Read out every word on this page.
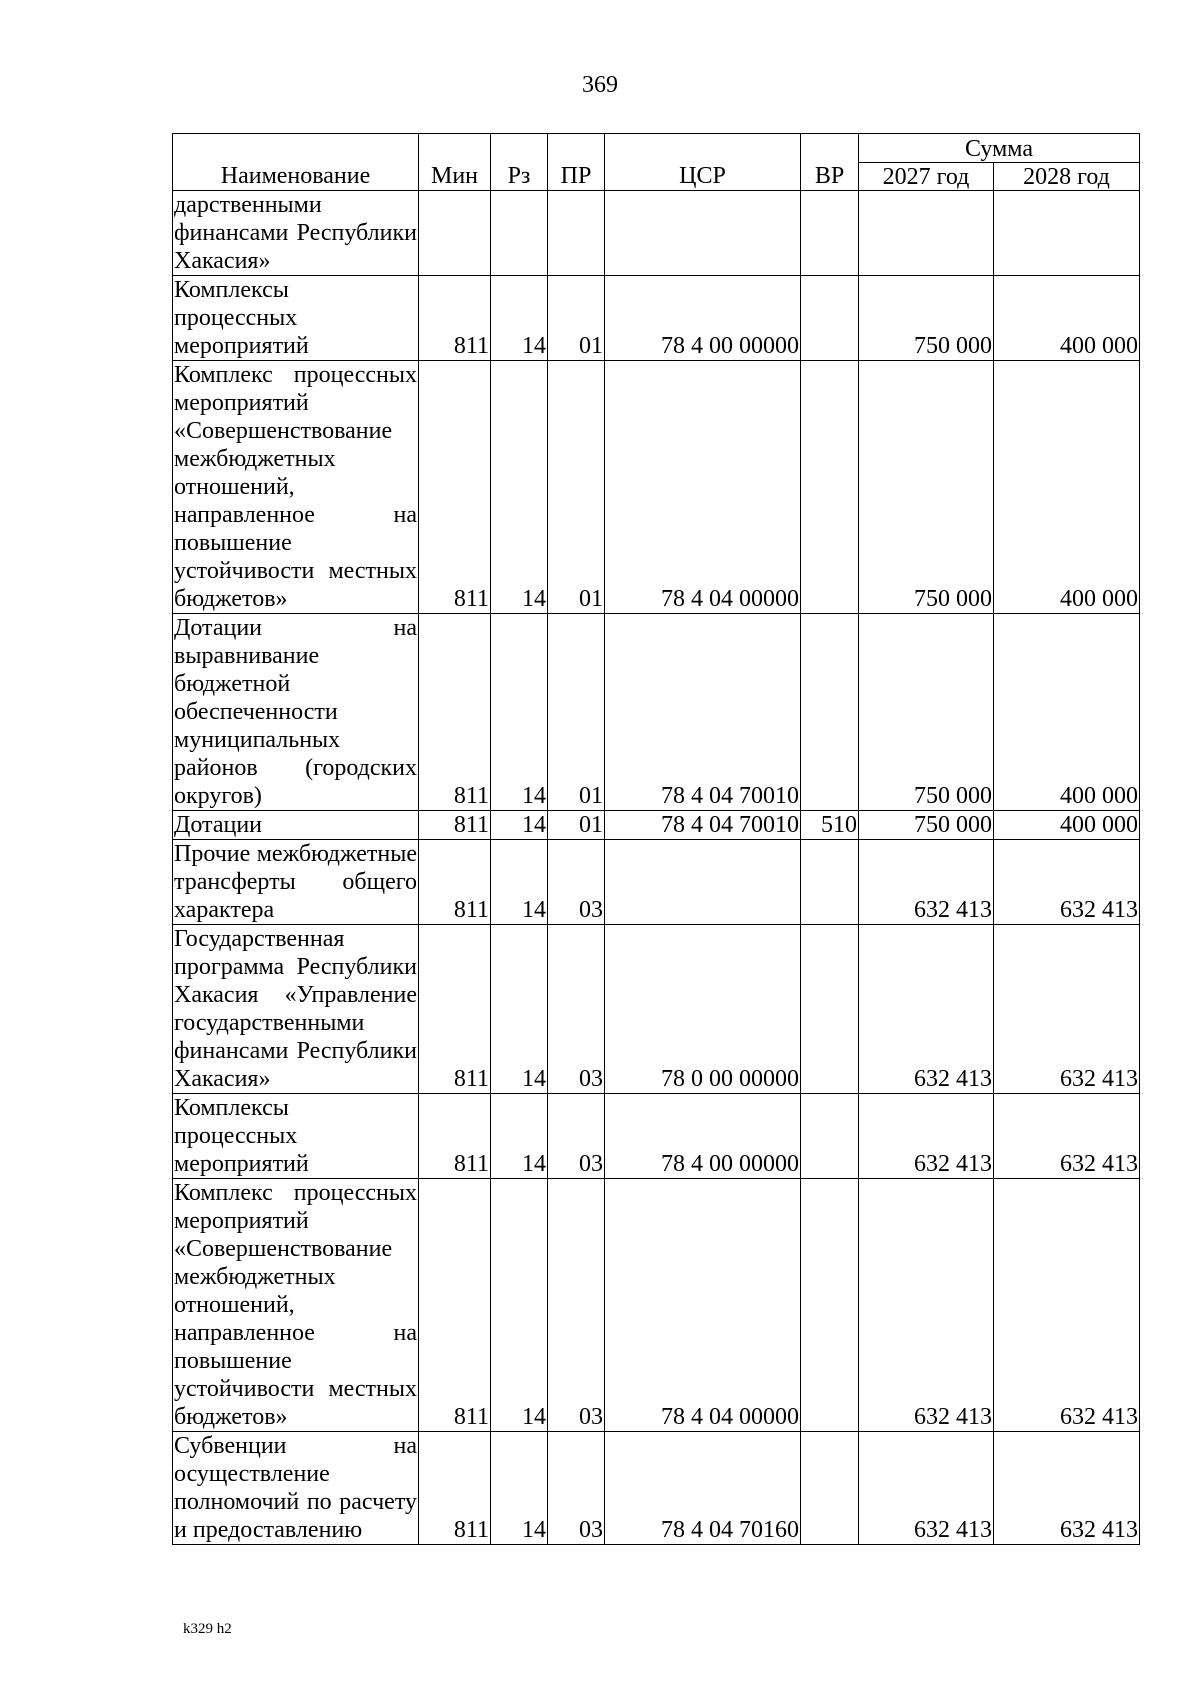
369
Наименование	Мин	Рз	ПР	ЦСР	ВР	Сумма	
						2027 год	2028 год
дарственными финансами Республики Хакасия»							
Комплексы процессных мероприятий	811	14	01	78 4 00 00000		750 000	400 000
Комплекс процессных мероприятий «Совершенствование межбюджетных отношений, направленное на повышение устойчивости местных бюджетов»	811	14	01	78 4 04 00000		750 000	400 000
Дотации на выравнивание бюджетной обеспеченности муниципальных районов (городских округов)	811	14	01	78 4 04 70010		750 000	400 000
Дотации	811	14	01	78 4 04 70010	510	750 000	400 000
Прочие межбюджетные трансферты общего характера	811	14	03			632 413	632 413
Государственная программа Республики Хакасия «Управление государственными финансами Республики Хакасия»	811	14	03	78 0 00 00000		632 413	632 413
Комплексы процессных мероприятий	811	14	03	78 4 00 00000		632 413	632 413
Комплекс процессных мероприятий «Совершенствование межбюджетных отношений, направленное на повышение устойчивости местных бюджетов»	811	14	03	78 4 04 00000		632 413	632 413
Субвенции на осуществление полномочий по расчету и предоставлению	811	14	03	78 4 04 70160		632 413	632 413
k329 h2
